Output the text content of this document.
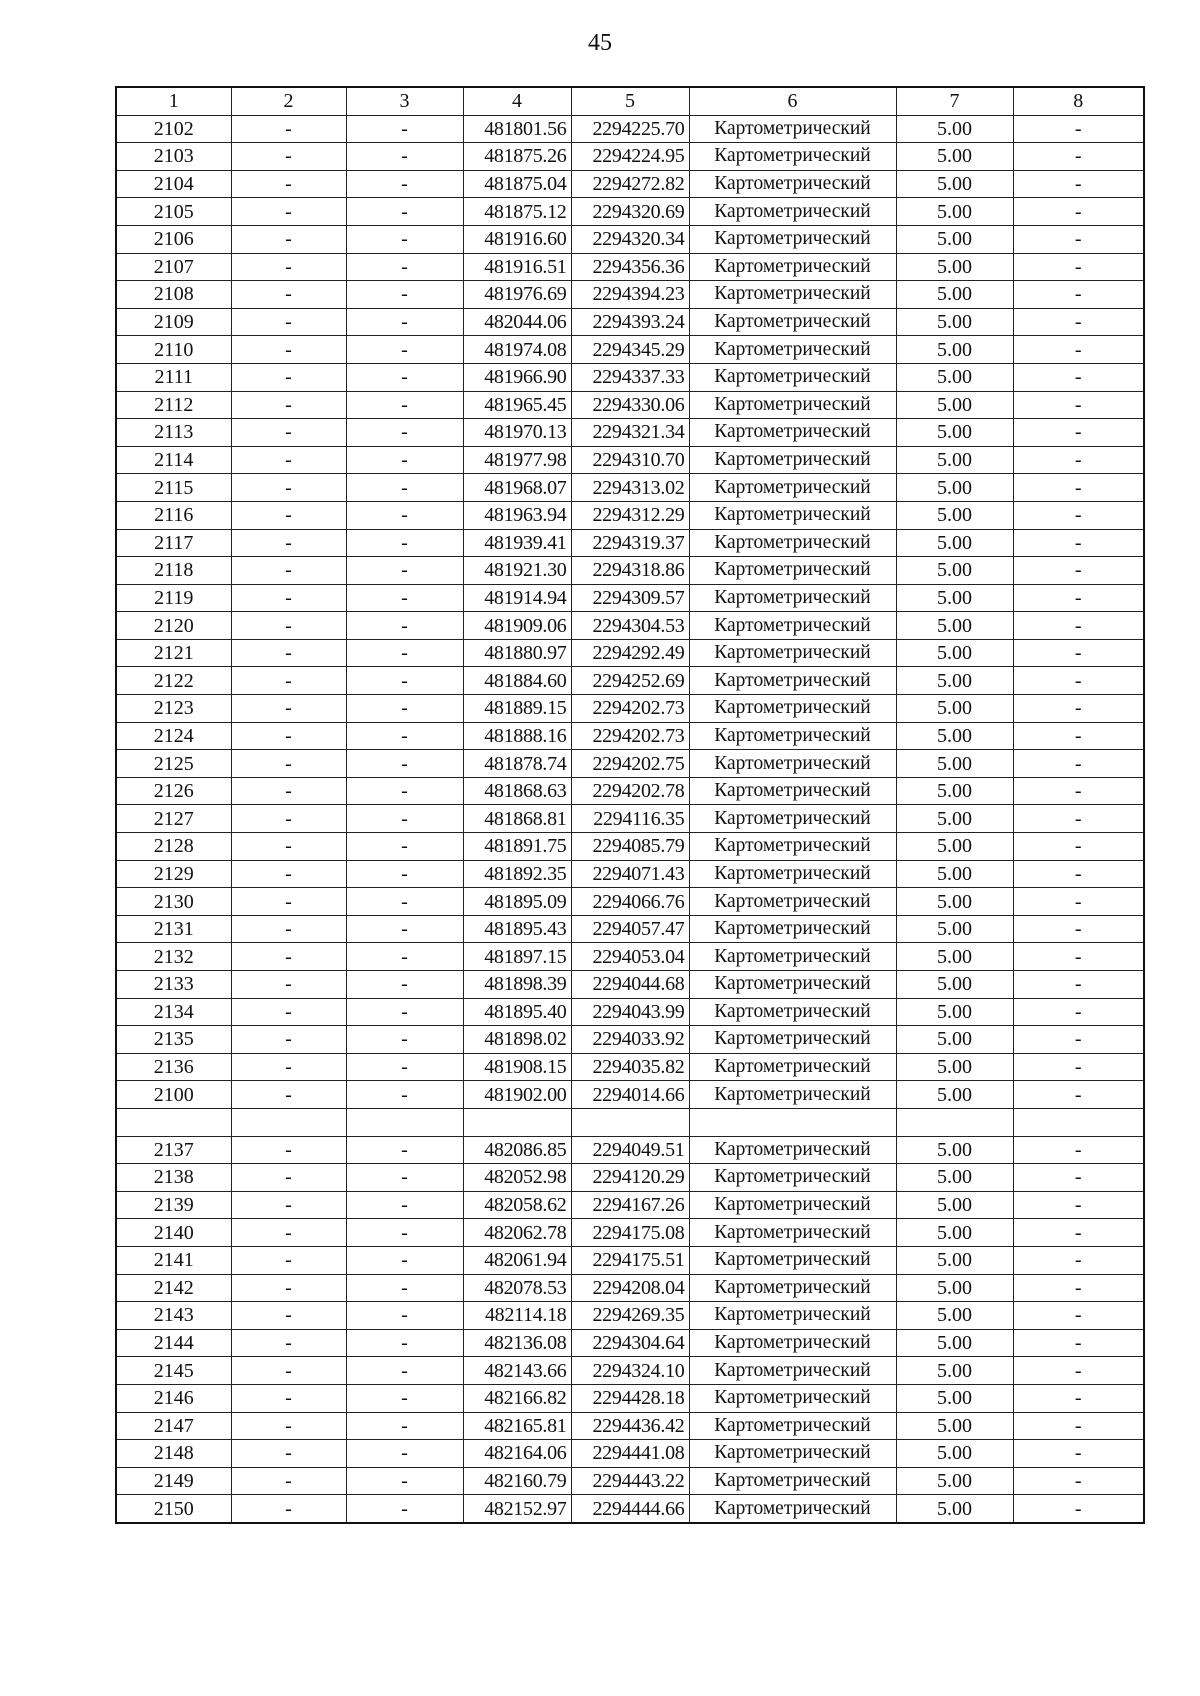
45
1	2	3	4	5	6	7	8
2102	-	-	481801.56	2294225.70	Картометрический	5.00	-
2103	-	-	481875.26	2294224.95	Картометрический	5.00	-
2104	-	-	481875.04	2294272.82	Картометрический	5.00	-
2105	-	-	481875.12	2294320.69	Картометрический	5.00	-
2106	-	-	481916.60	2294320.34	Картометрический	5.00	-
2107	-	-	481916.51	2294356.36	Картометрический	5.00	-
2108	-	-	481976.69	2294394.23	Картометрический	5.00	-
2109	-	-	482044.06	2294393.24	Картометрический	5.00	-
2110	-	-	481974.08	2294345.29	Картометрический	5.00	-
2111	-	-	481966.90	2294337.33	Картометрический	5.00	-
2112	-	-	481965.45	2294330.06	Картометрический	5.00	-
2113	-	-	481970.13	2294321.34	Картометрический	5.00	-
2114	-	-	481977.98	2294310.70	Картометрический	5.00	-
2115	-	-	481968.07	2294313.02	Картометрический	5.00	-
2116	-	-	481963.94	2294312.29	Картометрический	5.00	-
2117	-	-	481939.41	2294319.37	Картометрический	5.00	-
2118	-	-	481921.30	2294318.86	Картометрический	5.00	-
2119	-	-	481914.94	2294309.57	Картометрический	5.00	-
2120	-	-	481909.06	2294304.53	Картометрический	5.00	-
2121	-	-	481880.97	2294292.49	Картометрический	5.00	-
2122	-	-	481884.60	2294252.69	Картометрический	5.00	-
2123	-	-	481889.15	2294202.73	Картометрический	5.00	-
2124	-	-	481888.16	2294202.73	Картометрический	5.00	-
2125	-	-	481878.74	2294202.75	Картометрический	5.00	-
2126	-	-	481868.63	2294202.78	Картометрический	5.00	-
2127	-	-	481868.81	2294116.35	Картометрический	5.00	-
2128	-	-	481891.75	2294085.79	Картометрический	5.00	-
2129	-	-	481892.35	2294071.43	Картометрический	5.00	-
2130	-	-	481895.09	2294066.76	Картометрический	5.00	-
2131	-	-	481895.43	2294057.47	Картометрический	5.00	-
2132	-	-	481897.15	2294053.04	Картометрический	5.00	-
2133	-	-	481898.39	2294044.68	Картометрический	5.00	-
2134	-	-	481895.40	2294043.99	Картометрический	5.00	-
2135	-	-	481898.02	2294033.92	Картометрический	5.00	-
2136	-	-	481908.15	2294035.82	Картометрический	5.00	-
2100	-	-	481902.00	2294014.66	Картометрический	5.00	-

2137	-	-	482086.85	2294049.51	Картометрический	5.00	-
2138	-	-	482052.98	2294120.29	Картометрический	5.00	-
2139	-	-	482058.62	2294167.26	Картометрический	5.00	-
2140	-	-	482062.78	2294175.08	Картометрический	5.00	-
2141	-	-	482061.94	2294175.51	Картометрический	5.00	-
2142	-	-	482078.53	2294208.04	Картометрический	5.00	-
2143	-	-	482114.18	2294269.35	Картометрический	5.00	-
2144	-	-	482136.08	2294304.64	Картометрический	5.00	-
2145	-	-	482143.66	2294324.10	Картометрический	5.00	-
2146	-	-	482166.82	2294428.18	Картометрический	5.00	-
2147	-	-	482165.81	2294436.42	Картометрический	5.00	-
2148	-	-	482164.06	2294441.08	Картометрический	5.00	-
2149	-	-	482160.79	2294443.22	Картометрический	5.00	-
2150	-	-	482152.97	2294444.66	Картометрический	5.00	-
